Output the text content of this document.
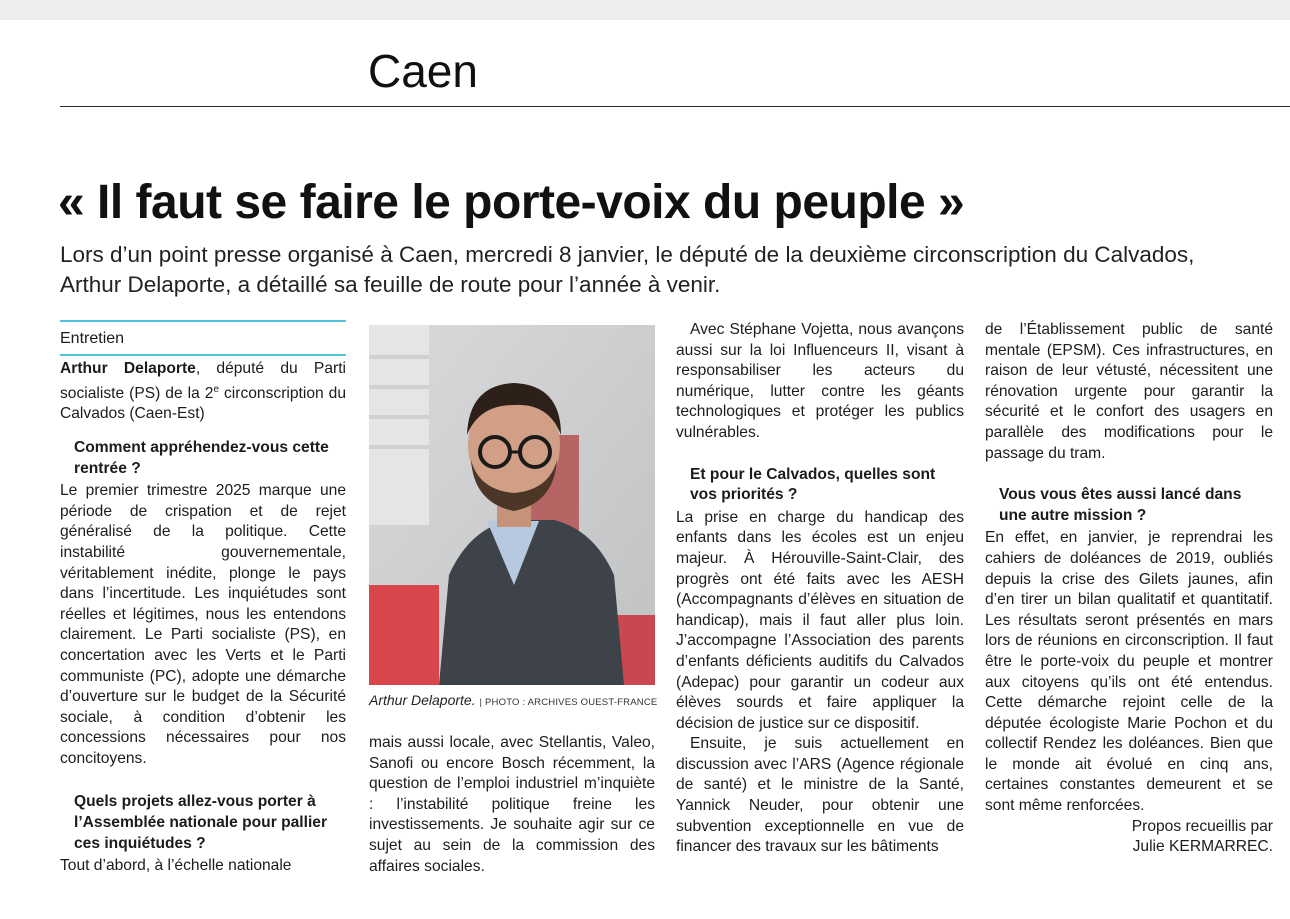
Caen
« Il faut se faire le porte-voix du peuple »

Lors d’un point presse organisé à Caen, mercredi 8 janvier, le député de la deuxième circonscription du Calvados, Arthur Delaporte, a détaillé sa feuille de route pour l’année à venir.

Entretien

Arthur Delaporte, député du Parti socialiste (PS) de la 2e circonscription du Calvados (Caen-Est)

Comment appréhendez-vous cette rentrée ?

Le premier trimestre 2025 marque une période de crispation et de rejet généralisé de la politique. Cette instabilité gouvernementale, véritablement inédite, plonge le pays dans l’incertitude. Les inquiétudes sont réelles et légitimes, nous les entendons clairement. Le Parti socialiste (PS), en concertation avec les Verts et le Parti communiste (PC), adopte une démarche d’ouverture sur le budget de la Sécurité sociale, à condition d’obtenir les concessions nécessaires pour nos concitoyens.

Quels projets allez-vous porter à l’Assemblée nationale pour pallier ces inquiétudes ?

Tout d’abord, à l’échelle nationale

Arthur Delaporte. | PHOTO : ARCHIVES OUEST-FRANCE

mais aussi locale, avec Stellantis, Valeo, Sanofi ou encore Bosch récemment, la question de l’emploi industriel m’inquiète : l’instabilité politique freine les investissements. Je souhaite agir sur ce sujet au sein de la commission des affaires sociales.

Avec Stéphane Vojetta, nous avançons aussi sur la loi Influenceurs II, visant à responsabiliser les acteurs du numérique, lutter contre les géants technologiques et protéger les publics vulnérables.

Et pour le Calvados, quelles sont vos priorités ?

La prise en charge du handicap des enfants dans les écoles est un enjeu majeur. À Hérouville-Saint-Clair, des progrès ont été faits avec les AESH (Accompagnants d’élèves en situation de handicap), mais il faut aller plus loin. J’accompagne l’Association des parents d’enfants déficients auditifs du Calvados (Adepac) pour garantir un codeur aux élèves sourds et faire appliquer la décision de justice sur ce dispositif.

Ensuite, je suis actuellement en discussion avec l’ARS (Agence régionale de santé) et le ministre de la Santé, Yannick Neuder, pour obtenir une subvention exceptionnelle en vue de financer des travaux sur les bâtiments

de l’Établissement public de santé mentale (EPSM). Ces infrastructures, en raison de leur vétusté, nécessitent une rénovation urgente pour garantir la sécurité et le confort des usagers en parallèle des modifications pour le passage du tram.

Vous vous êtes aussi lancé dans une autre mission ?

En effet, en janvier, je reprendrai les cahiers de doléances de 2019, oubliés depuis la crise des Gilets jaunes, afin d’en tirer un bilan qualitatif et quantitatif. Les résultats seront présentés en mars lors de réunions en circonscription. Il faut être le porte-voix du peuple et montrer aux citoyens qu’ils ont été entendus. Cette démarche rejoint celle de la députée écologiste Marie Pochon et du collectif Rendez les doléances. Bien que le monde ait évolué en cinq ans, certaines constantes demeurent et se sont même renforcées.

Propos recueillis par

Julie KERMARREC.
